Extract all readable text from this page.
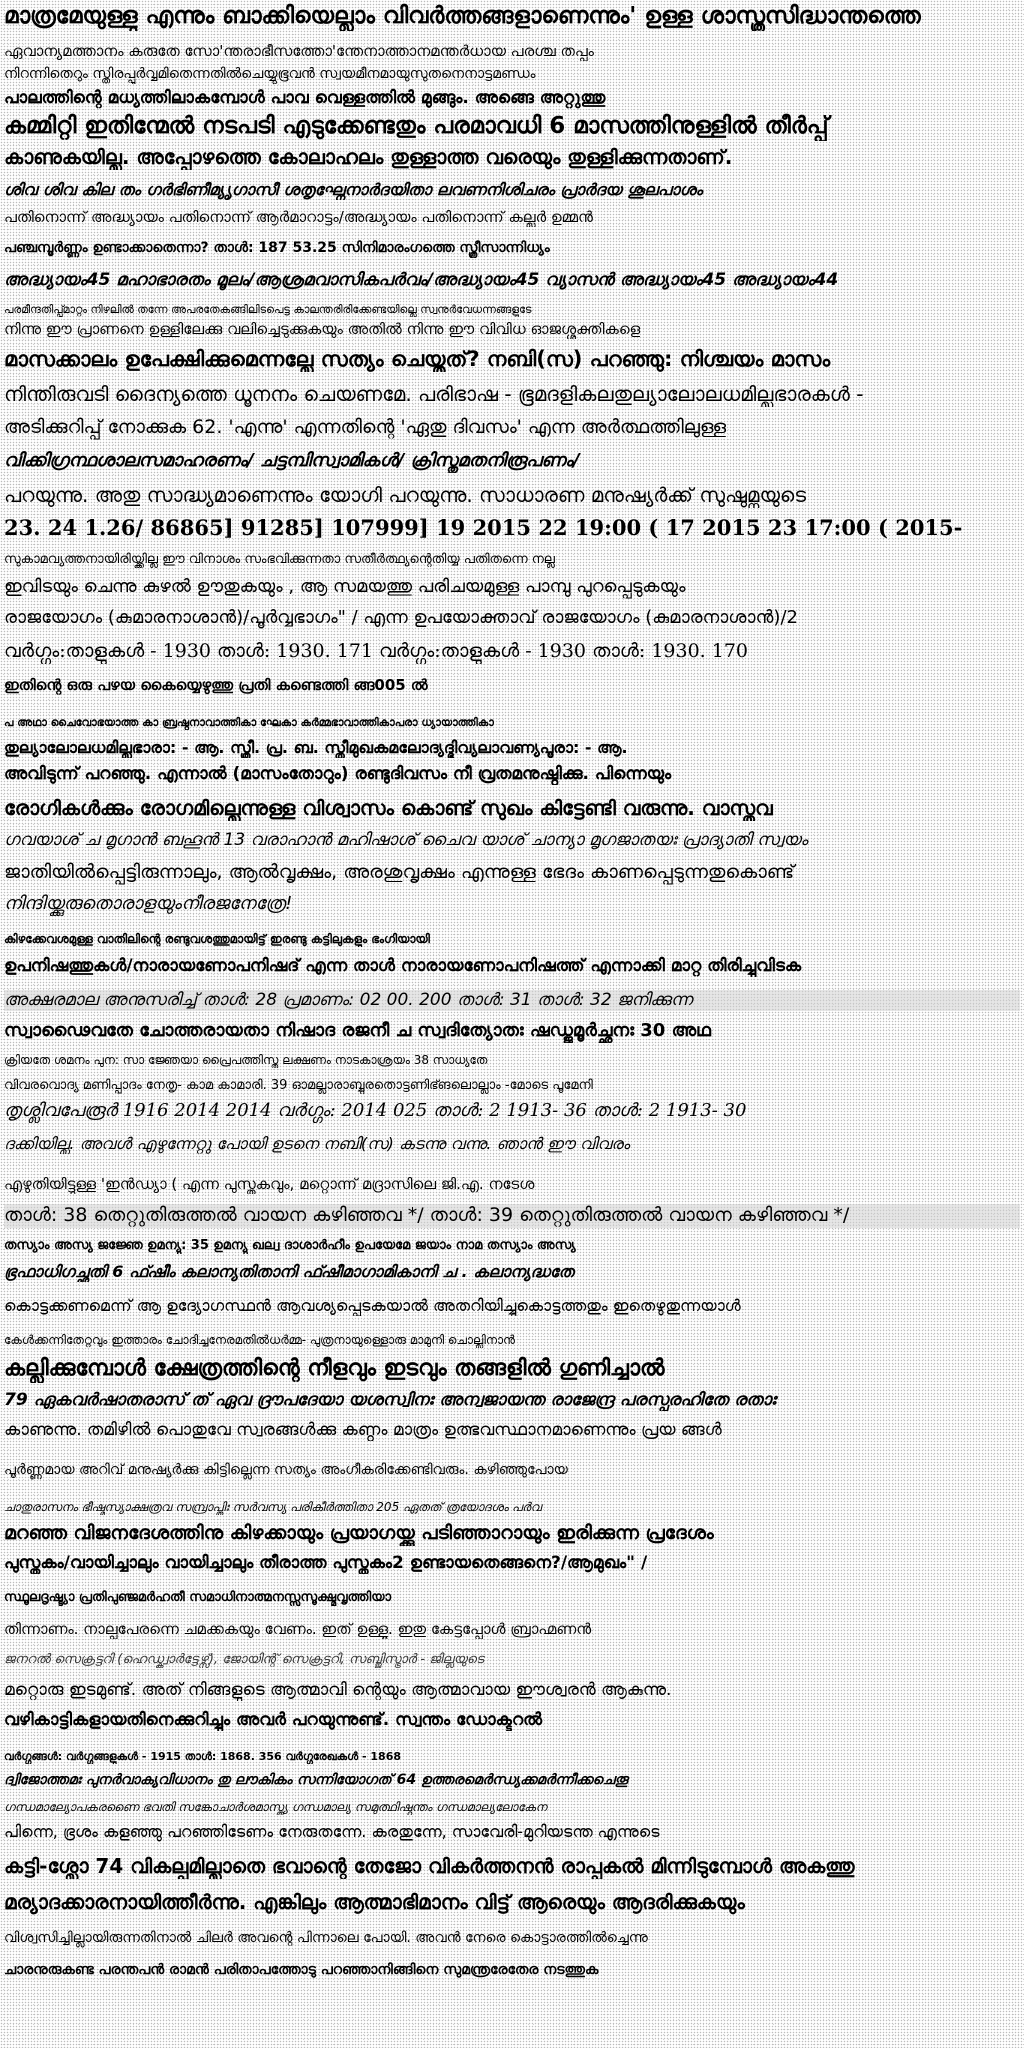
മാത്രമേയുള്ളു എന്നും ബാക്കിയെല്ലാം വിവർത്തങ്ങളാണെന്നും' ഉള്ള ശാസ്ത്രസിദ്ധാന്തത്തെ
ഏവാന്യമത്താനം കരുതേ സോ'ന്തരാഭീസത്തോ'ന്തേനാത്താനമന്തർധായ പരശ്ച തപ്പം
നിറന്നിതെറും സ്തിരപ്പൂർവ്വമിതെന്നതിൽചെയ്യുഭൂവൻ സ്വയമീനമായുസുതനെനാട്ടമണ്ഡം
പാലത്തിന്റെ മധ്യത്തിലാകമ്പോൾ പാവ വെള്ളത്തിൽ മുങ്ങും. അങ്ങെ അറ്റുത്തു
കമ്മിറ്റി ഇതിന്മേൽ നടപടി എടുക്കേണ്ടതും പരമാവധി 6 മാസത്തിനുള്ളിൽ തീർപ്പ്
കാണുകയില്ല. അപ്പോഴത്തെ കോലാഹലം തുള്ളാത്ത വരെയും തുള്ളിക്കുന്നതാണ്.
ശിവ ശിവ കില തം ഗർഭിണീമ്യൃഗാസീ ശതൃഘ്നേനാർദയിതാ ലവണനിശിചരം പ്രാർദയ ശൂലപാശം
പതിനൊന്ന് അദ്ധ്യായം പതിനൊന്ന് ആർമാറാട്ടം/അദ്ധ്യായം പതിനൊന്ന് കല്ലർ ഉമ്മൻ
പഞ്ചമ്പൂർണ്ണം ഉണ്ടാക്കാതെന്നാ? താൾ: 187 53.25 സിനിമാരംഗത്തെ സ്ത്രീസാന്നിധ്യം
അദ്ധ്യായം45 മഹാഭാരതം മൂലം/ആശ്രമവാസികപർവം/അദ്ധ്യായം45 വ്യാസൻ അദ്ധ്യായം45 അദ്ധ്യായം44
പരമീന്ദതിപ്പ്മാറ്റം നിഴലിൽ തന്നേ അപരതേകങ്ങിലിടപെട്ട കാലന്തരിരിക്കേണ്ടയില്ലെ സ്വനുർവേധന്നങ്ങളുടേ
നിന്നു ഈ പ്രാണനെ ഉള്ളിലേക്കു വലിച്ചെടുക്കുകയും അതിൽ നിന്നു ഈ വിവിധ ഓജശ്ശക്തികളെ
മാസക്കാലം ഉപേക്ഷിക്കുമെന്നല്ലേ സത്യം ചെയ്തത്? നബി(സ) പറഞ്ഞു: നിശ്ചയം മാസം
നിന്തിരുവടി ദൈന്യത്തെ ധൂനനം ചെയണമേ. പരിഭാഷ - ഭൂമദളികലതുല്യാലോലധമില്ലഭാരകൾ -
അടിക്കുറിപ്പ് നോക്കുക 62. 'എന്നു' എന്നതിന്റെ 'ഏതു ദിവസം' എന്ന അർത്ഥത്തിലുള്ള
വിക്കിഗ്രന്ഥശാലസമാഹരണം/ ചട്ടമ്പിസ്വാമികൾ/ ക്രിസ്തുമതനിരൂപണം/
പറയുന്നു. അതു സാദ്ധ്യമാണെന്നും യോഗി പറയുന്നു. സാധാരണ മനുഷ്യർക്ക് സുഷുമ്നയുടെ
23. 24 1.26/ 86865] 91285] 107999] 19 2015 22 19:00 ( 17 2015 23 17:00 ( 2015-
സുകാമവ്യത്തനായിരിയ്ക്കില്ല ഈ വിനാശം സംഭവിക്കുന്നതാ സതീർത്ഥ്യന്റെതിയ്യ പതിതന്നെ നല്ല
ഇവിടയും ചെന്നു കുഴൽ ഊതുകയും , ആ സമയത്തു പരിചയമുള്ള പാമ്പു പുറപ്പെടുകയും
രാജയോഗം (കുമാരനാശാൻ)/പൂർവ്വഭാഗം" / എന്ന ഉപയോക്താവ് രാജയോഗം (കുമാരനാശാൻ)/2
വർഗ്ഗം:താളുകൾ - 1930 താൾ: 1930. 171 വർഗ്ഗം:താളുകൾ - 1930 താൾ: 1930. 170
ഇതിന്റെ ഒരു പഴയ കൈയ്യെഴുത്തു പ്രതി കണ്ടെത്തി ങ്ങ005 ൽ
പ അഥാ ചൈവോഭയാത്ത കാ ബ്രഷ്ഠനാവാത്തികാ ഘേകാ കർമ്മഭാവാത്തികാപരാ ധ്യായാത്തികാ
തുല്യാലോലധമില്ലഭാരാ: - ആ. സ്ത്രീ. പ്ര. ബ. സ്തീമുഖകമലോദ്യദ്ഭിവ്യലാവണ്യപൂരാ: - ആ.
അവിടുന്ന് പറഞ്ഞു. എന്നാൽ (മാസംതോറും) രണ്ടുദിവസം നീ വ്രതമനുഷ്ഠിക്കു. പിന്നെയും
രോഗികൾക്കും രോഗമില്ലെന്നുള്ള വിശ്വാസം കൊണ്ട് സുഖം കിട്ടേണ്ടി വരുന്നു. വാസ്തവ
ഗവയാശ് ച മൃഗാൻ ബഹൂൻ 13 വരാഹാൻ മഹിഷാശ് ചൈവ യാശ് ചാന്യാ മൃഗജാതയഃ പ്രാദ്യാതി സ്വയം
ജാതിയിൽപ്പെട്ടിരുന്നാലും, ആൽവൃക്ഷം, അരശുവൃക്ഷം എന്നുള്ള ഭേദം കാണപ്പെടുന്നതുകൊണ്ട്
നിന്ദിയ്ക്കുരുതൊരാളയുംനീരജനേത്രേ!
കിഴക്കേവശമുള്ള വാതിലിന്റെ രണ്ടുവശത്തുമായിട്ട് ഇരണ്ടു കട്ടിലുകളും ഭംഗിയായി
ഉപനിഷത്തുകൾ/നാരായണോപനിഷദ് എന്ന താൾ നാരായണോപനിഷത്ത് എന്നാക്കി മാറ്റ തിരിച്ചുവിടക
അക്ഷരമാല അനുസരിച്ച് താൾ: 28 പ്രമാണം: 02 00. 200 താൾ: 31 താൾ: 32 ജനിക്കുന്ന
സ്വാഢൈവതേ ചോത്തരായതാ നിഷാദ രജനീ ച സ്വദിത്യോതഃ ഷഡ്ജമൂർച്ഛനഃ 30 അഥ
ക്രിയതേ ശമനം പുന: സാ ജ്ഞേയാ പ്രൈപത്തിസ്തു ലക്ഷണം നാടകാശ്രയം 38 സാധ്യതേ
വിവരവൊദ്യ മണിപ്പാദം നേതൃ- കാമ കാമാരി. 39 ഓമല്ലാരാബ്ബുരതൊട്ടണിഭ്ങലൊല്ലാം -മോടെ പൂമേനി
തൃശ്ലിവപേരൂർ 1916 2014 2014 വർഗ്ഗം: 2014 025 താൾ: 2 1913- 36 താൾ: 2 1913- 30
ദക്കിയില്ല. അവൾ എഴുന്നേറ്റു പോയി ഉടനെ നബി(സ) കടന്നു വന്നു. ഞാൻ ഈ വിവരം
എഴുതിയിട്ടുള്ള 'ഇൻഡ്യാ ( എന്ന പുസ്തകവും, മറ്റൊന്ന് മദ്രാസിലെ ജി.എ. നടേശ
താൾ: 38 തെറ്റുതിരുത്തൽ വായന കഴിഞ്ഞവ */ താൾ: 39 തെറ്റുതിരുത്തൽ വായന കഴിഞ്ഞവ */
തസ്യാം അസ്യ ജജ്ഞേ ഉമന്യു: 35 ഉമന്യു ഖല്വ ദാശാർഹീം ഉപയേമേ ജയാം നാമ തസ്യാം അസ്യ
ഭ്രഫാധിഗച്ഛതി 6 ഫ്ഷീം കലാന്യതിതാനി ഫ്ഷീമാഗാമികാനി ച . കലാന്യദ്ധതേ
കൊട്ടക്കണമെന്ന് ആ ഉദ്യോഗസ്ഥൻ ആവശ്യപ്പെടകയാൽ അതറിയിച്ചുകൊട്ടത്തതും ഇതെഴുതുന്നയാൾ
കേൾക്കന്നിതേറ്റവും ഇത്താരം ചോദിച്ചനേരമതിൽധർമ്മ- പുത്രനായുള്ളൊരു മാമുനി ചൊല്ലിനാൻ
കല്ലിക്കുമ്പോൾ ക്ഷേത്രത്തിന്റെ നീളവും ഇടവും തങ്ങളിൽ ഗുണിച്ചാൽ
79 ഏകവർഷാതരാസ് ത് ഏവ ദ്രൗപദേയാ യശസ്വിനഃ അന്വജായന്ത രാജേന്ദ്ര പരസ്പരഹിതേ രതാഃ
കാണുന്നു. തമിഴിൽ പൊതുവേ സ്വരങ്ങൾക്കു കണ്ഠം മാത്രം ഉത്ഭവസ്ഥാനമാണെന്നും പ്രയ ങ്ങൾ
പൂർണ്ണമായ അറിവ് മനുഷ്യർക്കു കിട്ടില്ലെന്ന സത്യം അംഗീകരിക്കേണ്ടിവരും. കഴിഞ്ഞുപോയ
ചാതുരാസനം ഭീഷ്മസ്യാക്ഷത്രവ സമ്പ്രാപ്തിഃ സർവസ്യ പരികീർത്തിതാ 205 ഏതത് ത്രയോദശം പർവ
മറഞ്ഞ വിജനദേശത്തിനു കിഴക്കായും പ്രയാഗയ്ക്കു പടിഞ്ഞാറായും ഇരിക്കുന്ന പ്രദേശം
പുസ്തകം/വായിച്ചാലും വായിച്ചാലും തീരാത്ത പുസ്തകം2 ഉണ്ടായതെങ്ങനെ?/ആമുഖം" /
സ്ഥൂലദൃഷ്ട്യാ പ്രതിപുഞ്ജമർഹതീ സമാധിനാത്മനസ്സുസൂക്ഷ്മവൃത്തിയാ
തിന്നാണം. നാല്പപേരന്നെ ചമക്കകയും വേണം. ഇത് ഉള്ളൂ. ഇതു കേട്ടപ്പോൾ ബ്രാഹ്മണൻ
ജനറൽ സെക്രട്ടറി (ഹെഡ്ക്വാർട്ടേഴ്സ്), ജോയിന്റ് സെക്രട്ടറി, സബ്ജിസ്ട്രാർ - ജില്ലയുടെ
മറ്റൊരു ഇടമുണ്ട്. അത് നിങ്ങളുടെ ആത്മാവി ന്റെയും ആത്മാവായ ഈശ്വരൻ ആകുന്നു.
വഴികാട്ടികളായതിനെക്കുറിച്ചും അവർ പറയുന്നുണ്ട്. സ്വന്തം ഡോക്ടറൽ
വർഗ്ഗങ്ങൾ: വർഗ്ഗങ്ങളുകൾ - 1915 താൾ: 1868. 356 വർഗ്ഗരേഖകൾ - 1868
ദ്വിജോത്തമഃ പുനർവാക്യവിധാനം തു ലൗകികം സന്നിയോഗത് 64 ഉത്തരമെർന്ധ്യക്കമർന്നീക്കചെതൂ
ഗന്ധമാല്യോപകരണൈ ഭവതി സങ്കോചാർശമാസ്ത്യ ഗന്ധമാല്യ സമുത്ഥിഷ്ഠന്തം ഗന്ധമാല്യലോകേന
പിന്നെ, ഭ്രശം കളഞ്ഞു പറഞ്ഞിടേണം നേരുതന്നേ. കരതുന്നേ, സാവേരി-മുറിയടന്ത എന്നുടെ
കട്ടി-ശ്ലോ 74 വികല്പമില്ലാതെ ഭവാന്റെ തേജോ വികർത്തനൻ രാപ്പകൽ മിന്നിടുമ്പോൾ അകത്തു
മര്യാദക്കാരനായിത്തീർന്നു. എങ്കിലും ആത്മാഭിമാനം വിട്ട് ആരെയും ആദരിക്കുകയും
വിശ്വസിച്ചില്ലായിരുന്നതിനാൽ ചിലർ അവന്റെ പിന്നാലെ പോയി. അവൻ നേരെ കൊട്ടാരത്തിൽച്ചെന്നു
ചാരനുരുകണ്ട പരന്തപൻ രാമൻ പരിതാപത്തോടു പറഞ്ഞാനിങ്ങിനെ സുമന്ത്രരേതേര നടത്തുക
